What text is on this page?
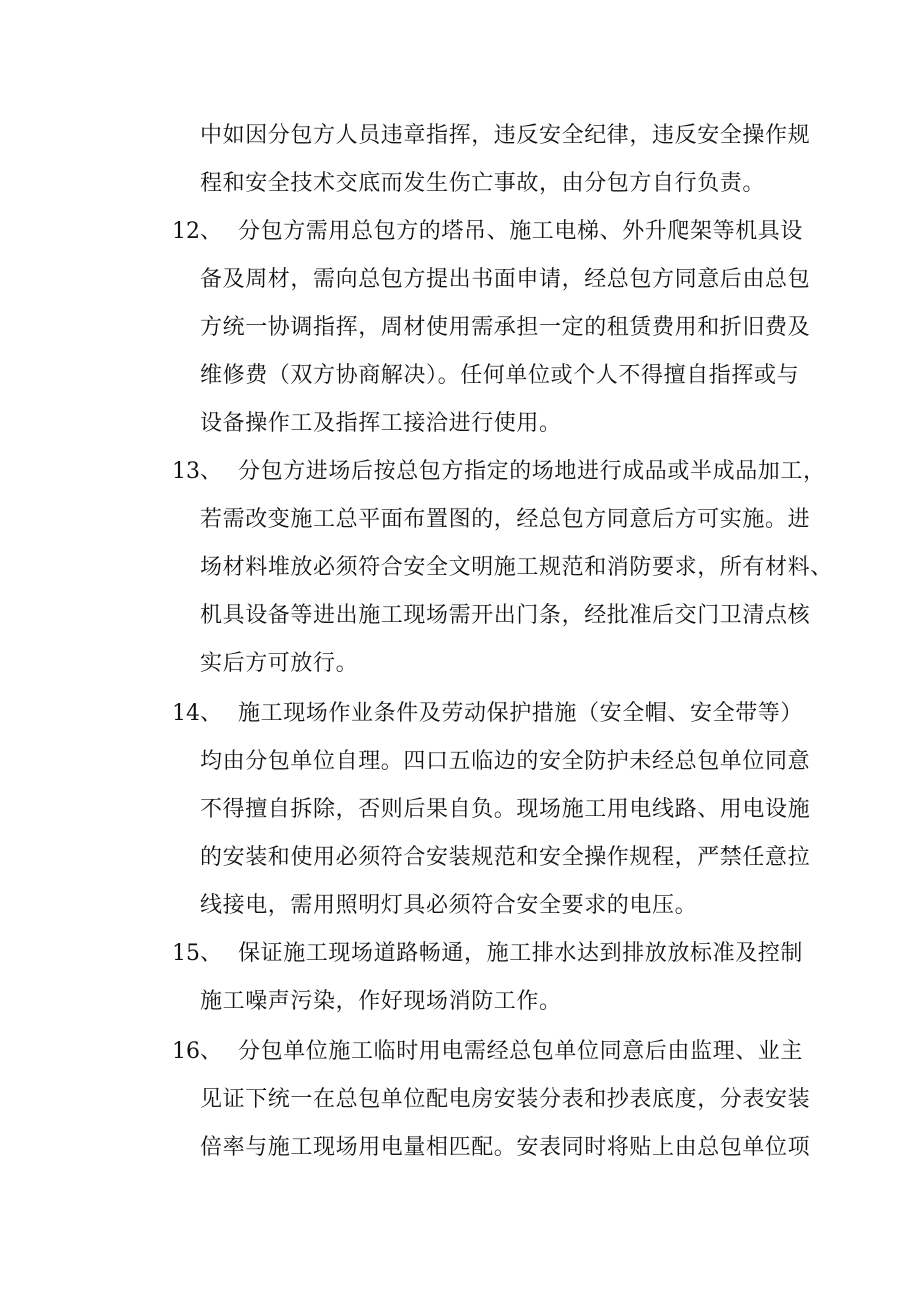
中如因分包方人员违章指挥，违反安全纪律，违反安全操作规
程和安全技术交底而发生伤亡事故，由分包方自行负责。
12、 分包方需用总包方的塔吊、施工电梯、外升爬架等机具设
备及周材，需向总包方提出书面申请，经总包方同意后由总包
方统一协调指挥，周材使用需承担一定的租赁费用和折旧费及
维修费（双方协商解决）。任何单位或个人不得擅自指挥或与
设备操作工及指挥工接洽进行使用。
13、 分包方进场后按总包方指定的场地进行成品或半成品加工，
若需改变施工总平面布置图的，经总包方同意后方可实施。进
场材料堆放必须符合安全文明施工规范和消防要求，所有材料、
机具设备等进出施工现场需开出门条，经批准后交门卫清点核
实后方可放行。
14、 施工现场作业条件及劳动保护措施（安全帽、安全带等）
均由分包单位自理。四口五临边的安全防护未经总包单位同意
不得擅自拆除，否则后果自负。现场施工用电线路、用电设施
的安装和使用必须符合安装规范和安全操作规程，严禁任意拉
线接电，需用照明灯具必须符合安全要求的电压。
15、 保证施工现场道路畅通，施工排水达到排放放标准及控制
施工噪声污染，作好现场消防工作。
16、 分包单位施工临时用电需经总包单位同意后由监理、业主
见证下统一在总包单位配电房安装分表和抄表底度，分表安装
倍率与施工现场用电量相匹配。安表同时将贴上由总包单位项
